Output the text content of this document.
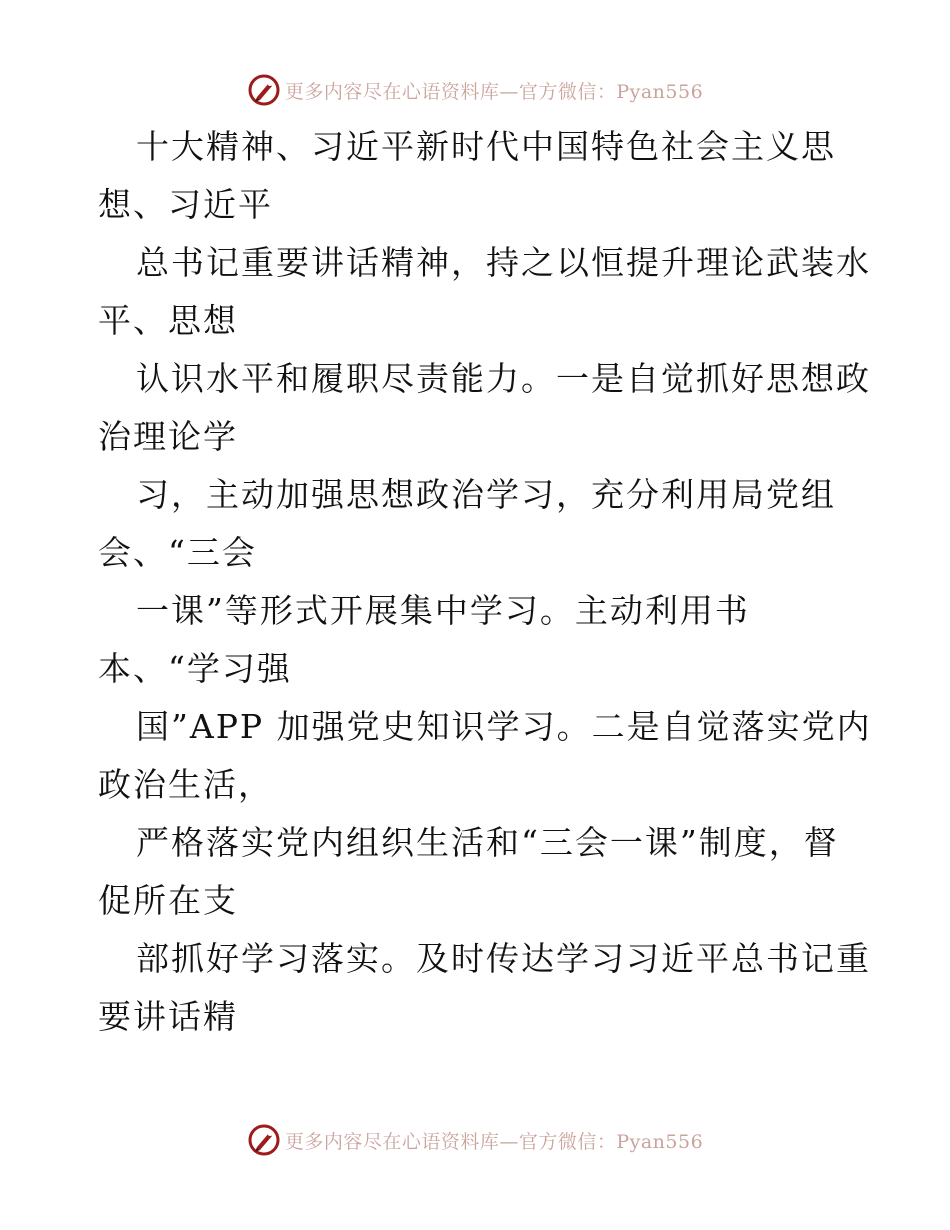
更多内容尽在心语资料库—官方微信：Pyan556
十大精神、习近平新时代中国特色社会主义思
想、习近平
总书记重要讲话精神，持之以恒提升理论武装水
平、思想
认识水平和履职尽责能力。一是自觉抓好思想政
治理论学
习，主动加强思想政治学习，充分利用局党组
会、“三会
一课”等形式开展集中学习。主动利用书
本、“学习强
国”APP 加强党史知识学习。二是自觉落实党内
政治生活，
严格落实党内组织生活和“三会一课”制度，督
促所在支
部抓好学习落实。及时传达学习习近平总书记重
要讲话精
更多内容尽在心语资料库—官方微信：Pyan556
